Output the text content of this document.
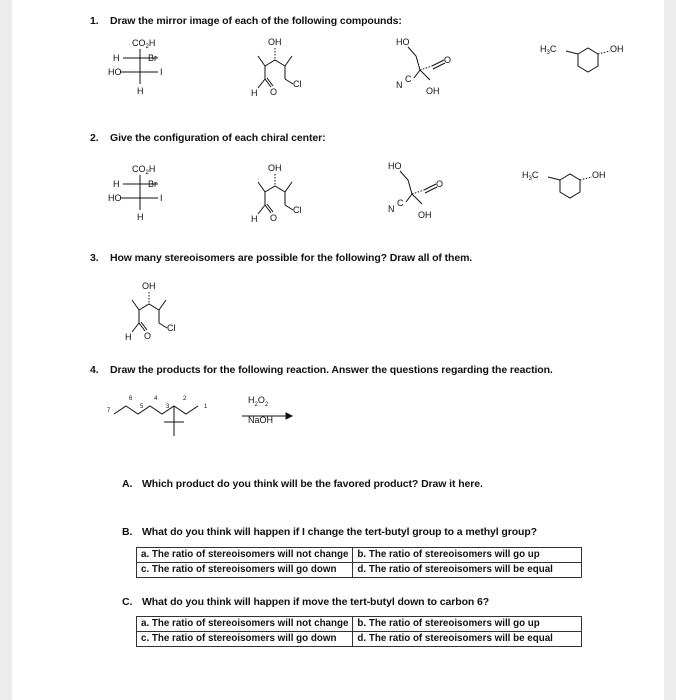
1. Draw the mirror image of each of the following compounds:
$CO_2H$
H	Br
HO	I
H
OH
H O
Cl
HO
O
N
C
OH
$H_3C$	OH
2. Give the configuration of each chiral center:
$CO_2H$
H	Br
HO	I
H
OH
H O
Cl
HO
O
N
C
OH
$H_3C$	OH
3. How many stereoisomers are possible for the following? Draw all of them.
OH
H O
Cl
4. Draw the products for the following reaction. Answer the questions regarding the reaction.
7
6
5
4
3
2
1
$H_2O_2$
NaOH
A. Which product do you think will be the favored product? Draw it here.
B. What do you think will happen if I change the tert-butyl group to a methyl group?
a. The ratio of stereoisomers will not change	b. The ratio of stereoisomers will go up
c. The ratio of stereoisomers will go down	d. The ratio of stereoisomers will be equal
C. What do you think will happen if move the tert-butyl down to carbon 6?
a. The ratio of stereoisomers will not change	b. The ratio of stereoisomers will go up
c. The ratio of stereoisomers will go down	d. The ratio of stereoisomers will be equal
